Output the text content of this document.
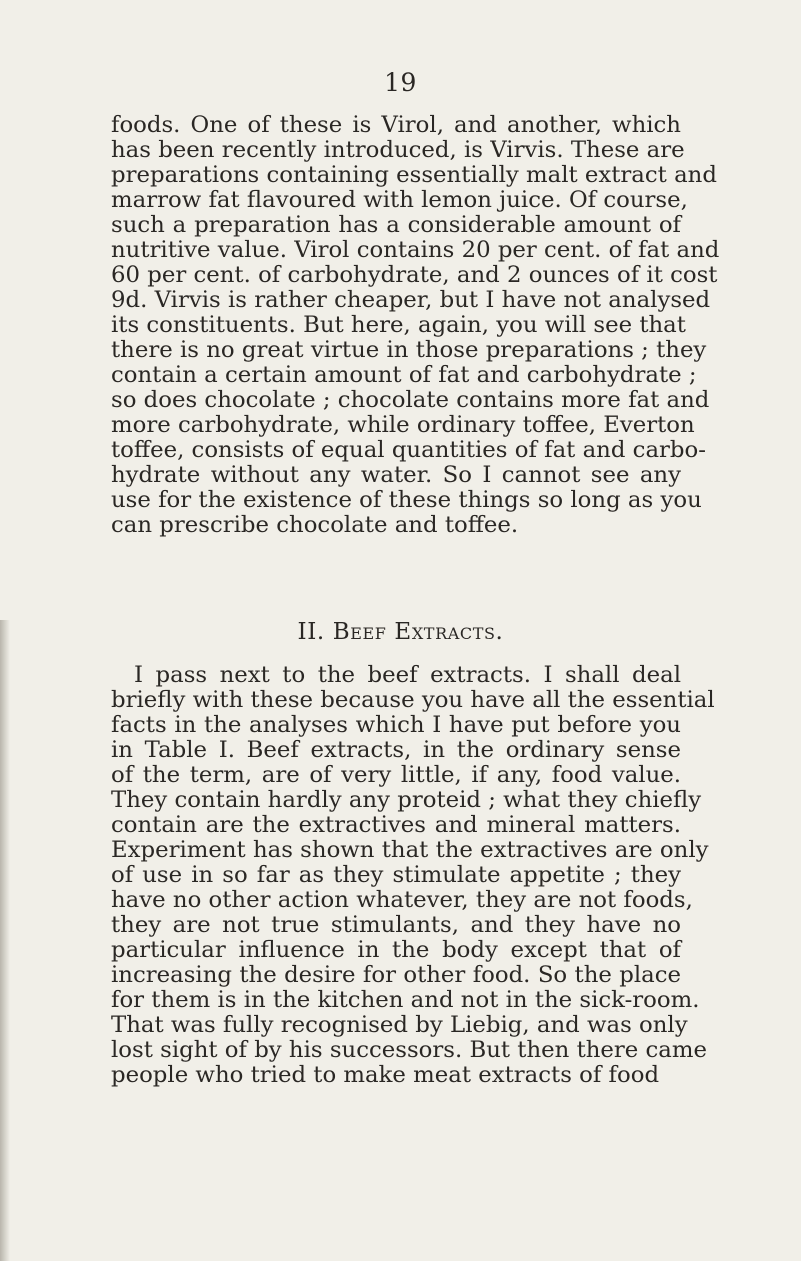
19
foods. One of these is Virol, and another, which
has been recently introduced, is Virvis. These are
preparations containing essentially malt extract and
marrow fat flavoured with lemon juice. Of course,
such a preparation has a considerable amount of
nutritive value. Virol contains 20 per cent. of fat and
60 per cent. of carbohydrate, and 2 ounces of it cost
9d. Virvis is rather cheaper, but I have not analysed
its constituents. But here, again, you will see that
there is no great virtue in those preparations ; they
contain a certain amount of fat and carbohydrate ;
so does chocolate ; chocolate contains more fat and
more carbohydrate, while ordinary toffee, Everton
toffee, consists of equal quantities of fat and carbo-
hydrate without any water. So I cannot see any
use for the existence of these things so long as you
can prescribe chocolate and toffee.
II. Beef Extracts.
I pass next to the beef extracts. I shall deal
briefly with these because you have all the essential
facts in the analyses which I have put before you
in Table I. Beef extracts, in the ordinary sense
of the term, are of very little, if any, food value.
They contain hardly any proteid ; what they chiefly
contain are the extractives and mineral matters.
Experiment has shown that the extractives are only
of use in so far as they stimulate appetite ; they
have no other action whatever, they are not foods,
they are not true stimulants, and they have no
particular influence in the body except that of
increasing the desire for other food. So the place
for them is in the kitchen and not in the sick-room.
That was fully recognised by Liebig, and was only
lost sight of by his successors. But then there came
people who tried to make meat extracts of food
